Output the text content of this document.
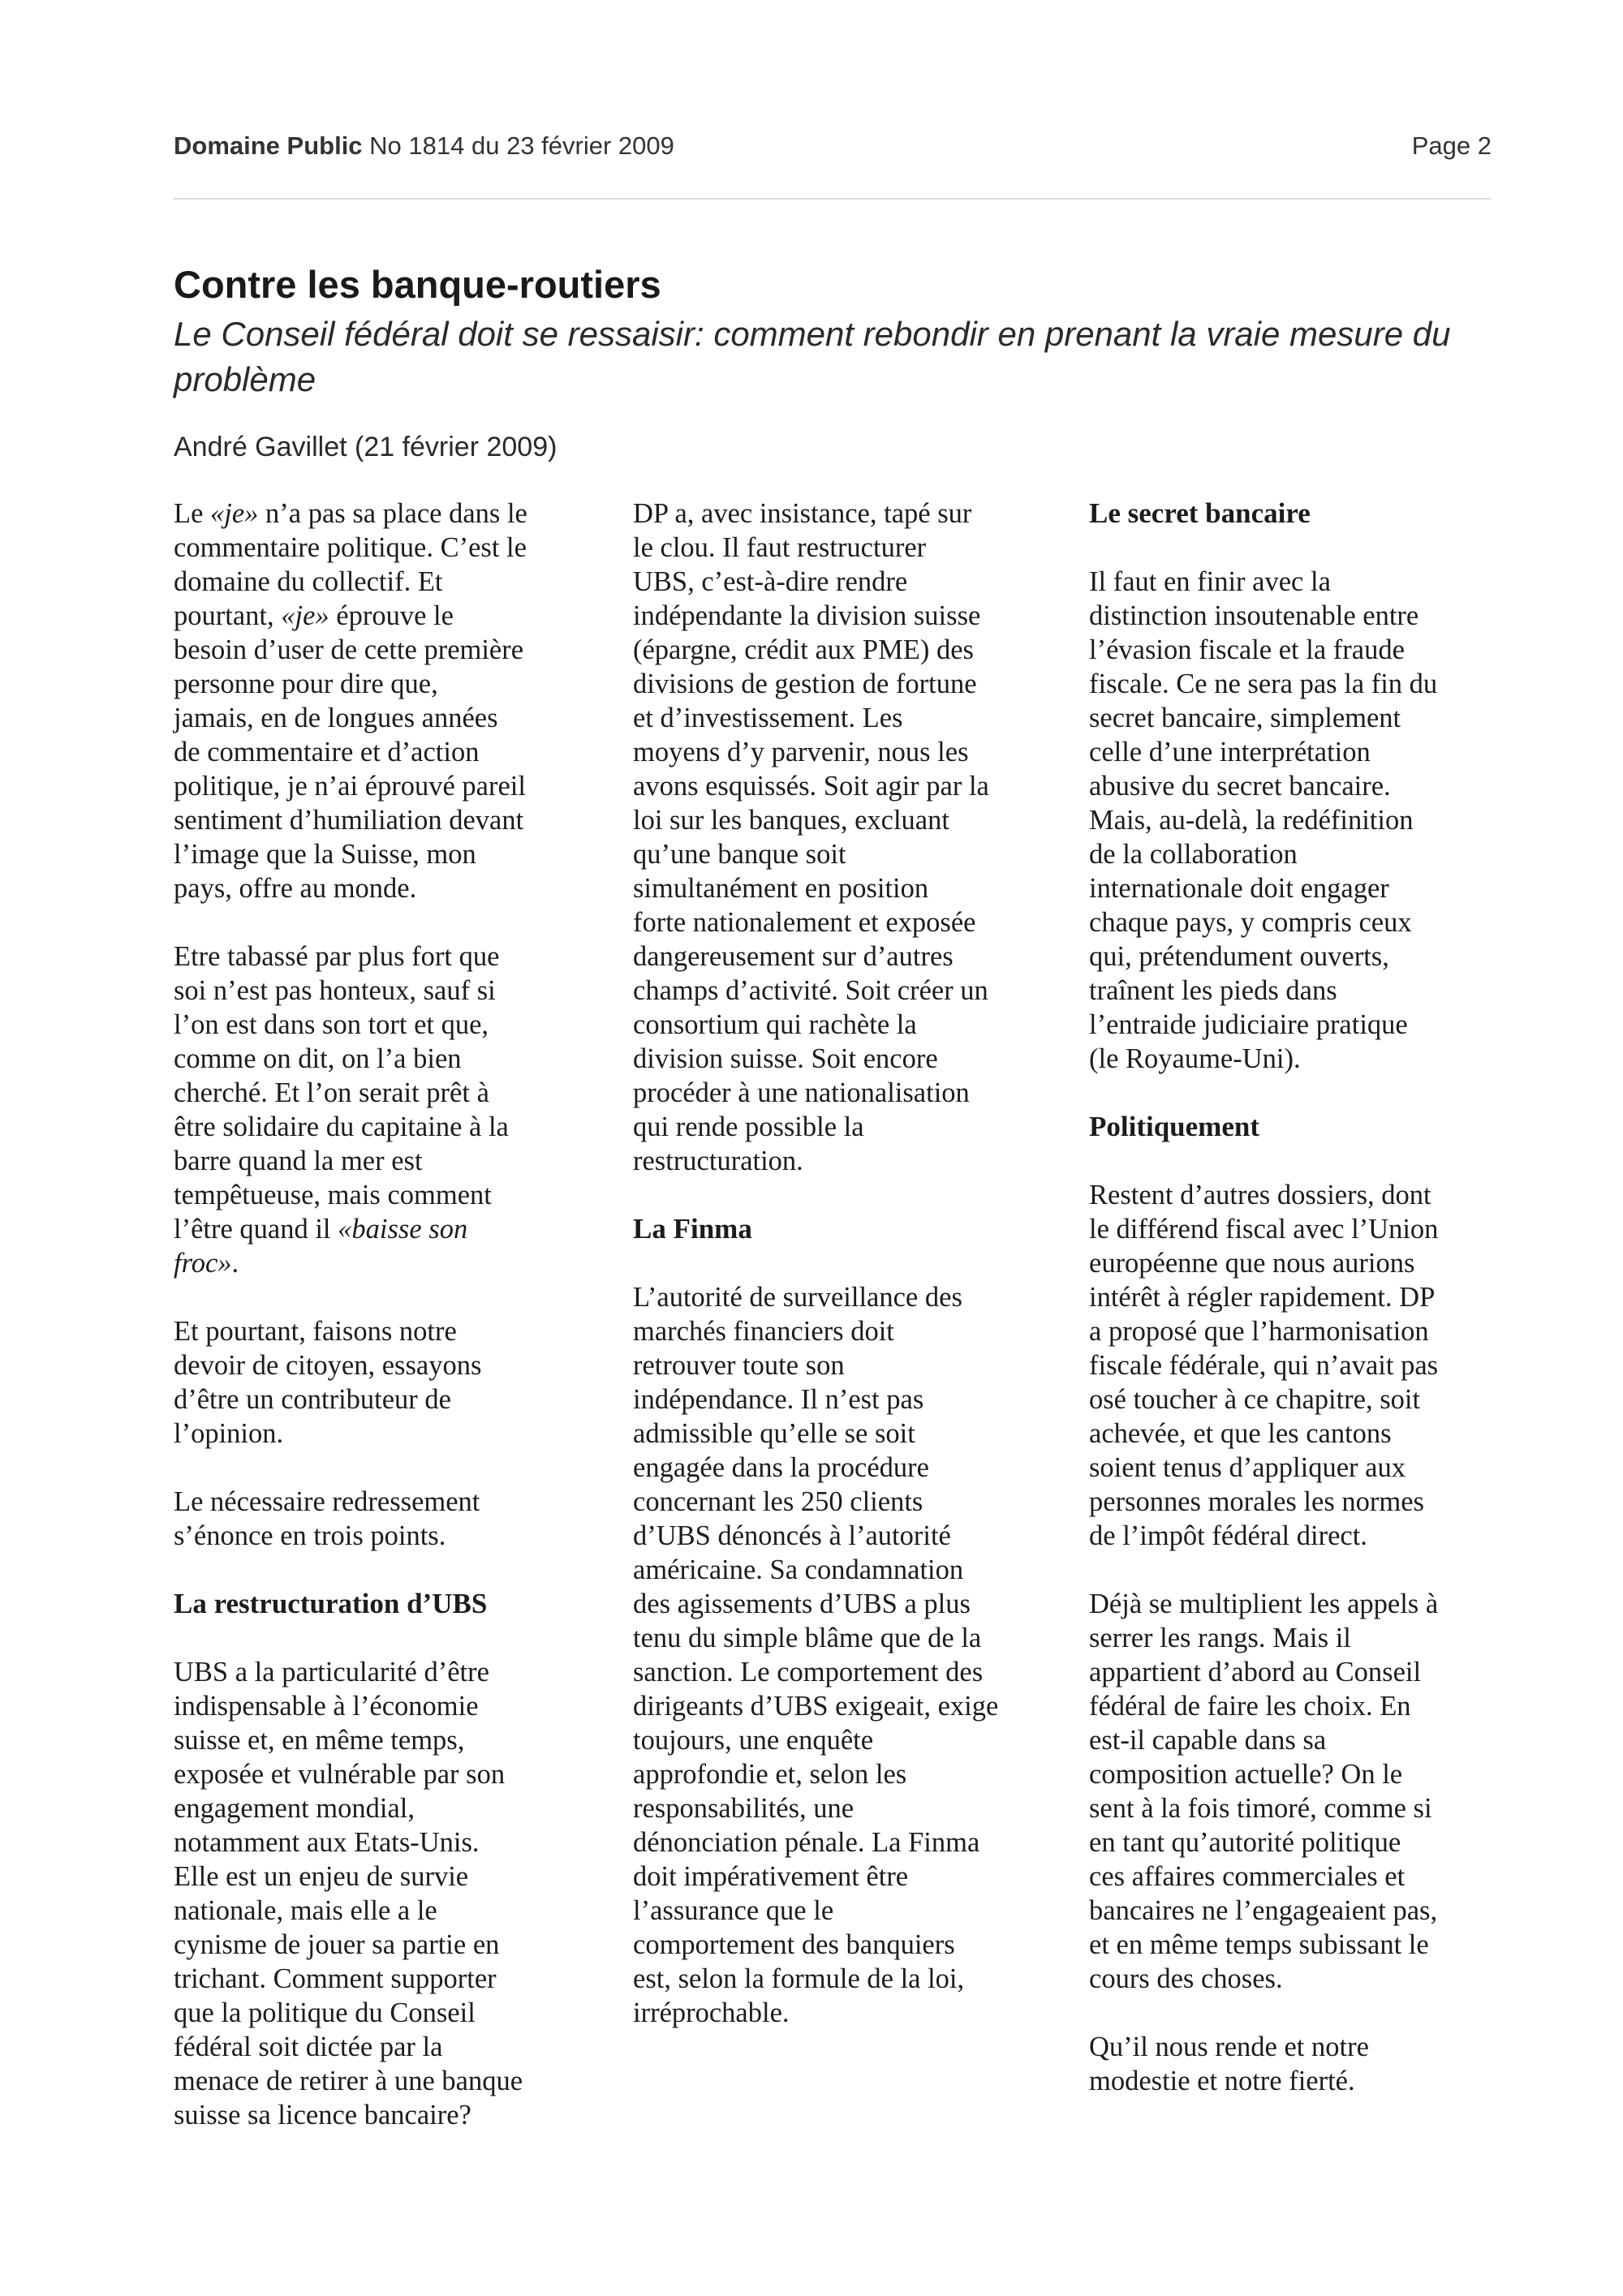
Domaine Public No 1814 du 23 février 2009	Page 2
Contre les banque-routiers

Le Conseil fédéral doit se ressaisir: comment rebondir en prenant la vraie mesure du problème

André Gavillet (21 février 2009)

Le «je» n’a pas sa place dans le
commentaire politique. C’est le
domaine du collectif. Et
pourtant, «je» éprouve le
besoin d’user de cette première
personne pour dire que,
jamais, en de longues années
de commentaire et d’action
politique, je n’ai éprouvé pareil
sentiment d’humiliation devant
l’image que la Suisse, mon
pays, offre au monde.

Etre tabassé par plus fort que
soi n’est pas honteux, sauf si
l’on est dans son tort et que,
comme on dit, on l’a bien
cherché. Et l’on serait prêt à
être solidaire du capitaine à la
barre quand la mer est
tempêtueuse, mais comment
l’être quand il «baisse son
froc».

Et pourtant, faisons notre
devoir de citoyen, essayons
d’être un contributeur de
l’opinion.

Le nécessaire redressement
s’énonce en trois points.

La restructuration d’UBS

UBS a la particularité d’être
indispensable à l’économie
suisse et, en même temps,
exposée et vulnérable par son
engagement mondial,
notamment aux Etats-Unis.
Elle est un enjeu de survie
nationale, mais elle a le
cynisme de jouer sa partie en
trichant. Comment supporter
que la politique du Conseil
fédéral soit dictée par la
menace de retirer à une banque
suisse sa licence bancaire?

DP a, avec insistance, tapé sur
le clou. Il faut restructurer
UBS, c’est-à-dire rendre
indépendante la division suisse
(épargne, crédit aux PME) des
divisions de gestion de fortune
et d’investissement. Les
moyens d’y parvenir, nous les
avons esquissés. Soit agir par la
loi sur les banques, excluant
qu’une banque soit
simultanément en position
forte nationalement et exposée
dangereusement sur d’autres
champs d’activité. Soit créer un
consortium qui rachète la
division suisse. Soit encore
procéder à une nationalisation
qui rende possible la
restructuration.

La Finma

L’autorité de surveillance des
marchés financiers doit
retrouver toute son
indépendance. Il n’est pas
admissible qu’elle se soit
engagée dans la procédure
concernant les 250 clients
d’UBS dénoncés à l’autorité
américaine. Sa condamnation
des agissements d’UBS a plus
tenu du simple blâme que de la
sanction. Le comportement des
dirigeants d’UBS exigeait, exige
toujours, une enquête
approfondie et, selon les
responsabilités, une
dénonciation pénale. La Finma
doit impérativement être
l’assurance que le
comportement des banquiers
est, selon la formule de la loi,
irréprochable.

Le secret bancaire

Il faut en finir avec la
distinction insoutenable entre
l’évasion fiscale et la fraude
fiscale. Ce ne sera pas la fin du
secret bancaire, simplement
celle d’une interprétation
abusive du secret bancaire.
Mais, au-delà, la redéfinition
de la collaboration
internationale doit engager
chaque pays, y compris ceux
qui, prétendument ouverts,
traînent les pieds dans
l’entraide judiciaire pratique
(le Royaume-Uni).

Politiquement

Restent d’autres dossiers, dont
le différend fiscal avec l’Union
européenne que nous aurions
intérêt à régler rapidement. DP
a proposé que l’harmonisation
fiscale fédérale, qui n’avait pas
osé toucher à ce chapitre, soit
achevée, et que les cantons
soient tenus d’appliquer aux
personnes morales les normes
de l’impôt fédéral direct.

Déjà se multiplient les appels à
serrer les rangs. Mais il
appartient d’abord au Conseil
fédéral de faire les choix. En
est-il capable dans sa
composition actuelle? On le
sent à la fois timoré, comme si
en tant qu’autorité politique
ces affaires commerciales et
bancaires ne l’engageaient pas,
et en même temps subissant le
cours des choses.

Qu’il nous rende et notre
modestie et notre fierté.
